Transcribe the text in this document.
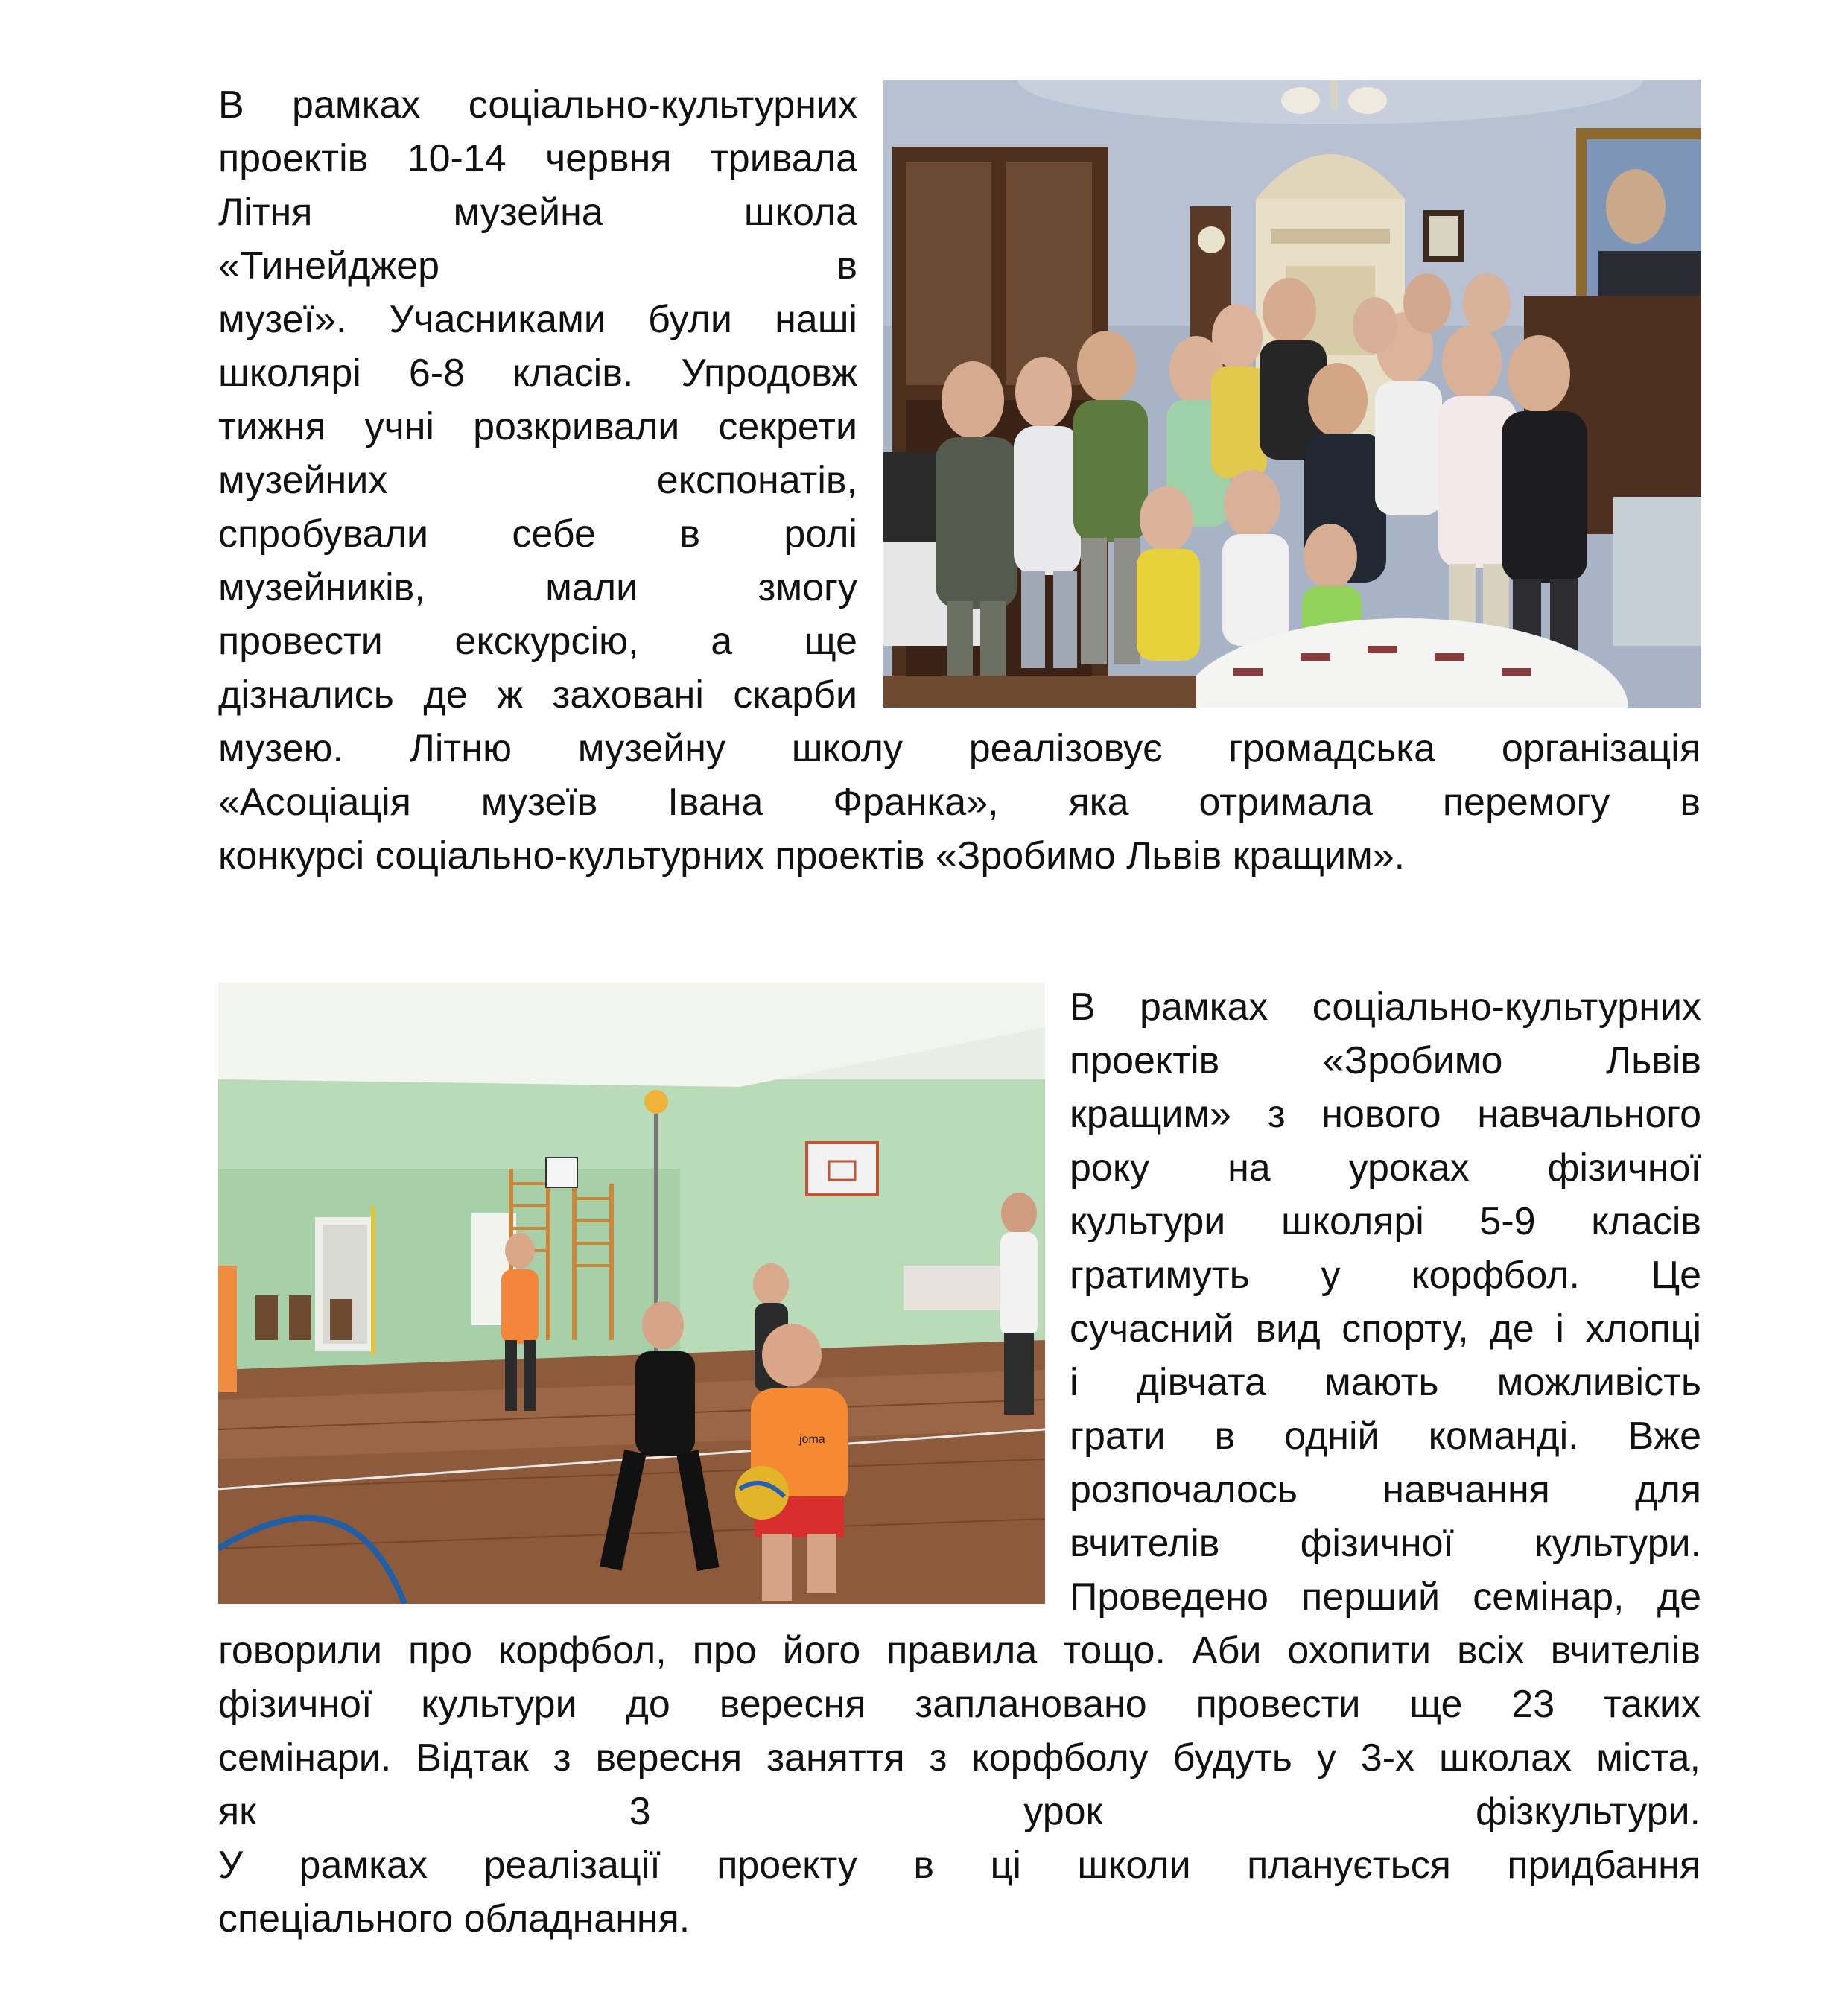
В рамках соціально-культурних
проектів 10-14 червня тривала
Літня музейна школа
«Тинейджер в
музеї». Учасниками були наші
школярі 6-8 класів. Упродовж
тижня учні розкривали секрети
музейних експонатів,
спробували себе в ролі
музейників, мали змогу
провести екскурсію, а ще
дізнались де ж заховані скарби

музею. Літню музейну школу реалізовує громадська організація
«Асоціація музеїв Івана Франка», яка отримала перемогу в
конкурсі соціально-культурних проектів «Зробимо Львів кращим».

joma

В рамках соціально-культурних
проектів «Зробимо Львів
кращим» з нового навчального
року на уроках фізичної
культури школярі 5-9 класів
гратимуть у корфбол. Це
сучасний вид спорту, де і хлопці
і дівчата мають можливість
грати в одній команді. Вже
розпочалось навчання для
вчителів фізичної культури.
Проведено перший семінар, де

говорили про корфбол, про його правила тощо. Аби охопити всіх вчителів
фізичної культури до вересня заплановано провести ще 23 таких
семінари. Відтак з вересня заняття з корфболу будуть у 3-х школах міста,
як 3 урок фізкультури.
У рамках реалізації проекту в ці школи планується придбання
спеціального обладнання.
